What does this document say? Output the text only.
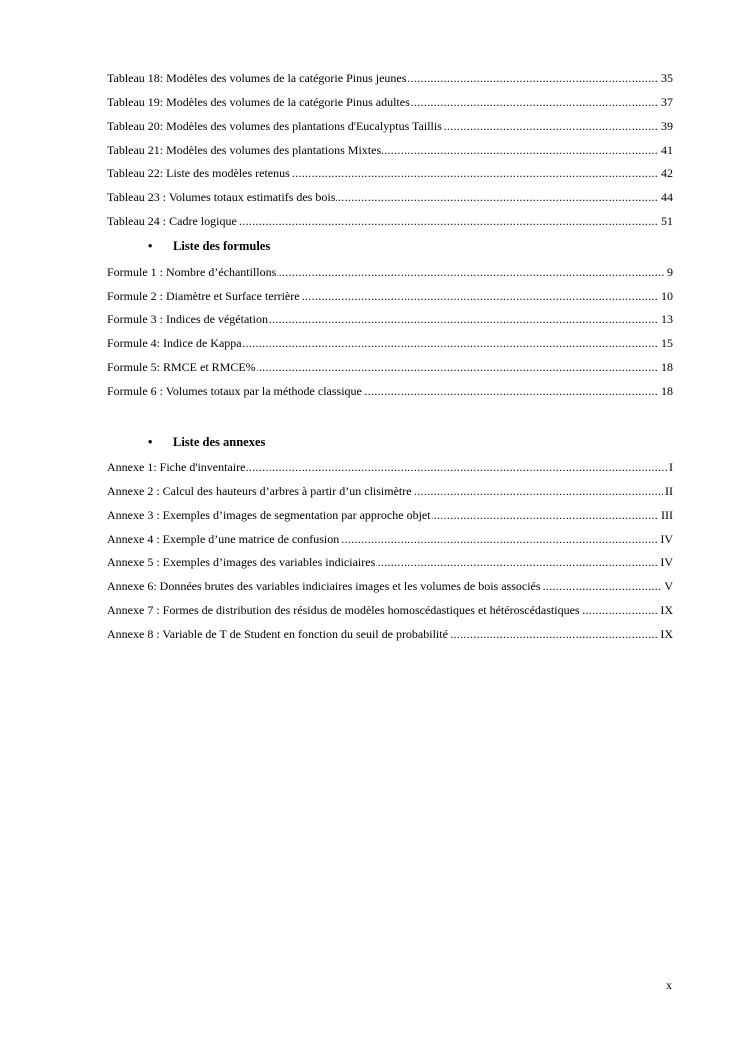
..... Tableau 18: Modèles des volumes de la catégorie Pinus jeunes	35
..... Tableau 19: Modèles des volumes de la catégorie Pinus adultes	37
..... Tableau 20: Modèles des volumes des plantations d'Eucalyptus Taillis	39
..... Tableau 21: Modèles des volumes des plantations Mixtes	41
..... Tableau 22: Liste des modèles retenus	42
..... Tableau 23 : Volumes totaux estimatifs des bois	44
..... Tableau 24 : Cadre logique	51
• Liste des formules
..... Formule 1 : Nombre d’échantillons	9
..... Formule 2 : Diamètre et Surface terrière	10
..... Formule 3 : Indices de végétation	13
..... Formule 4: Indice de Kappa	15
..... Formule 5: RMCE et RMCE%	18
..... Formule 6 : Volumes totaux par la méthode classique	18
• Liste des annexes
..... Annexe 1: Fiche d'inventaire	I
..... Annexe 2 : Calcul des hauteurs d’arbres à partir d’un clisimètre	II
..... Annexe 3 : Exemples d’images de segmentation par approche objet	III
..... Annexe 4 : Exemple d’une matrice de confusion	IV
..... Annexe 5 : Exemples d’images des variables indiciaires	IV
..... Annexe 6: Données brutes des variables indiciaires images et les volumes de bois associés	V
..... Annexe 7 : Formes de distribution des résidus de modèles homoscédastiques et hétéroscédastiques	IX
..... Annexe 8 : Variable de T de Student en fonction du seuil de probabilité	IX
x
